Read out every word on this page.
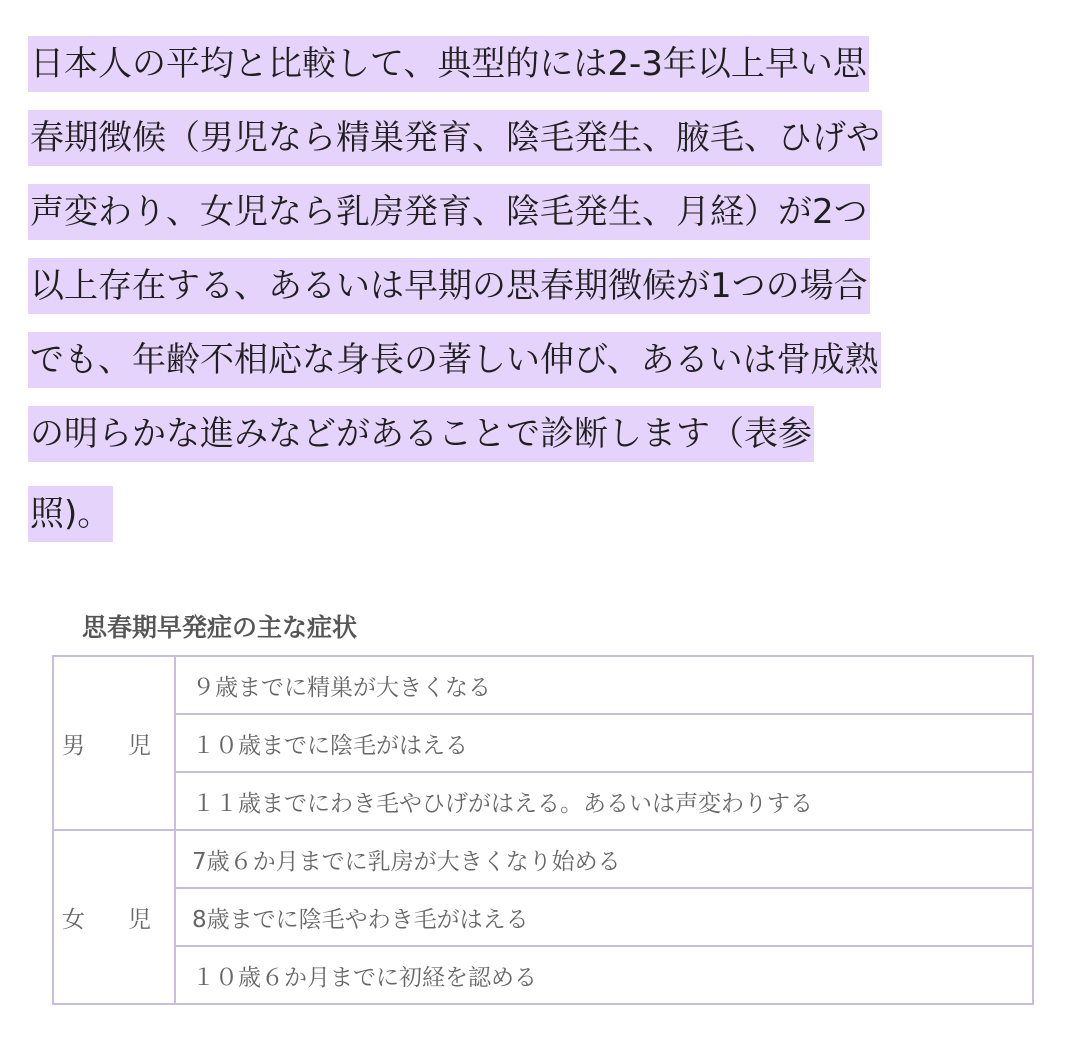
日本人の平均と比較して、典型的には2-3年以上早い思
春期徴候（男児なら精巣発育、陰毛発生、腋毛、ひげや
声変わり、女児なら乳房発育、陰毛発生、月経）が2つ
以上存在する、あるいは早期の思春期徴候が1つの場合
でも、年齢不相応な身長の著しい伸び、あるいは骨成熟
の明らかな進みなどがあることで診断します（表参
照)。
思春期早発症の主な症状
男　児	９歳までに精巣が大きくなる
	１０歳までに陰毛がはえる
	１１歳までにわき毛やひげがはえる。あるいは声変わりする
女　児	7歳６か月までに乳房が大きくなり始める
	8歳までに陰毛やわき毛がはえる
	１０歳６か月までに初経を認める
